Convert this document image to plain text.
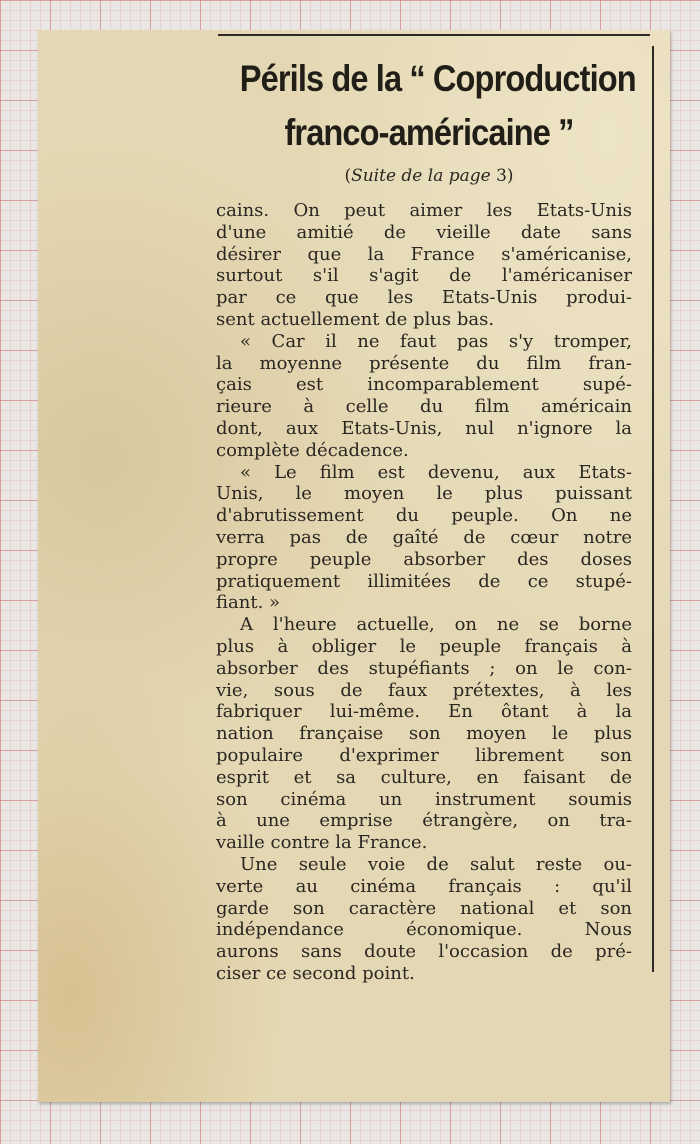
Périls de la “ Coproduction
franco-américaine ”
(Suite de la page 3)
cains. On peut aimer les Etats-Unis
d'une amitié de vieille date sans
désirer que la France s'américanise,
surtout s'il s'agit de l'américaniser
par ce que les Etats-Unis produi-
sent actuellement de plus bas.
« Car il ne faut pas s'y tromper,
la moyenne présente du film fran-
çais est incomparablement supé-
rieure à celle du film américain
dont, aux Etats-Unis, nul n'ignore la
complète décadence.
« Le film est devenu, aux Etats-
Unis, le moyen le plus puissant
d'abrutissement du peuple. On ne
verra pas de gaîté de cœur notre
propre peuple absorber des doses
pratiquement illimitées de ce stupé-
fiant. »
A l'heure actuelle, on ne se borne
plus à obliger le peuple français à
absorber des stupéfiants ; on le con-
vie, sous de faux prétextes, à les
fabriquer lui-même. En ôtant à la
nation française son moyen le plus
populaire d'exprimer librement son
esprit et sa culture, en faisant de
son cinéma un instrument soumis
à une emprise étrangère, on tra-
vaille contre la France.
Une seule voie de salut reste ou-
verte au cinéma français : qu'il
garde son caractère national et son
indépendance économique. Nous
aurons sans doute l'occasion de pré-
ciser ce second point.
